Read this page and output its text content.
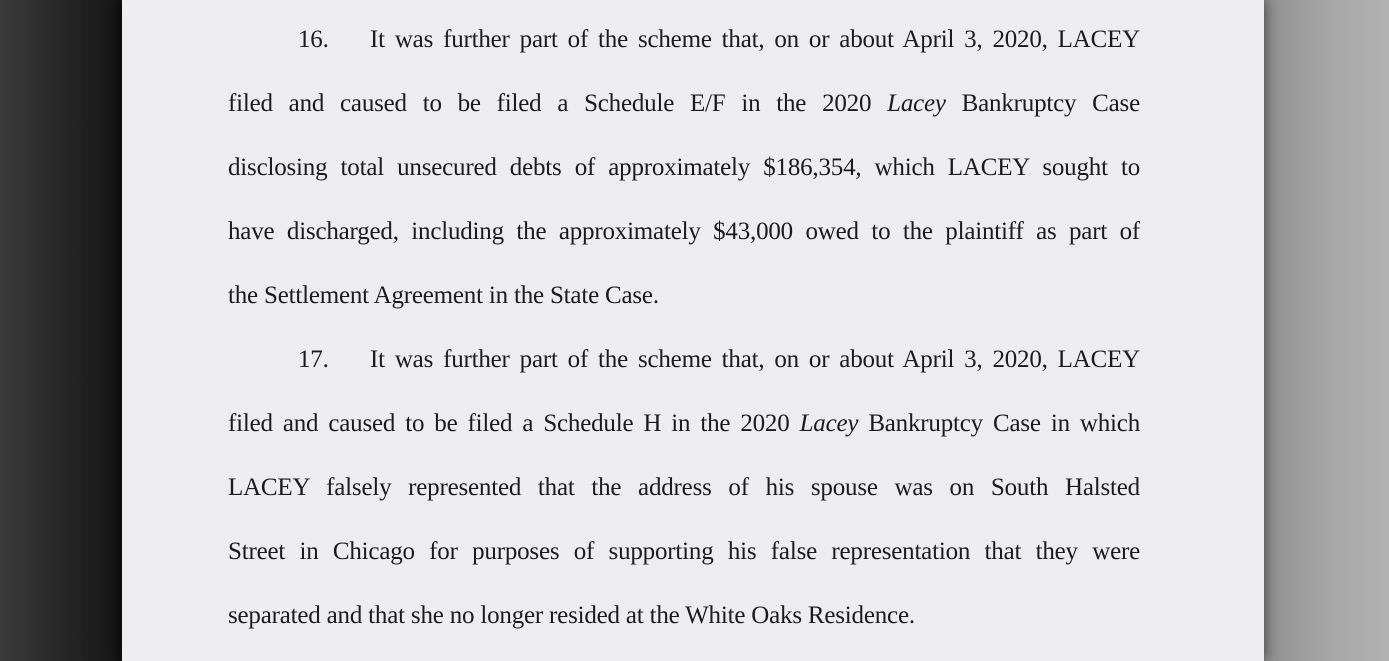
16.	It was further part of the scheme that, on or about April 3, 2020, LACEY
filed and caused to be filed a Schedule E/F in the 2020 Lacey Bankruptcy Case
disclosing total unsecured debts of approximately $186,354, which LACEY sought to
have discharged, including the approximately $43,000 owed to the plaintiff as part of
the Settlement Agreement in the State Case.
17.	It was further part of the scheme that, on or about April 3, 2020, LACEY
filed and caused to be filed a Schedule H in the 2020 Lacey Bankruptcy Case in which
LACEY falsely represented that the address of his spouse was on South Halsted
Street in Chicago for purposes of supporting his false representation that they were
separated and that she no longer resided at the White Oaks Residence.
